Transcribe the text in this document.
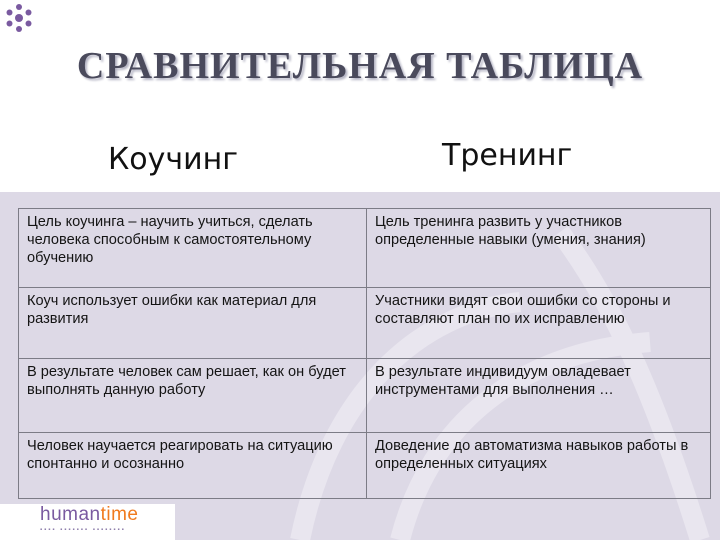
СРАВНИТЕЛЬНАЯ ТАБЛИЦА
Коучинг	Тренинг
Цель коучинга – научить учиться, сделать человека способным к самостоятельному обучению	Цель тренинга развить у участников определенные навыки (умения, знания)
Коуч использует ошибки как материал для развития	Участники видят свои ошибки со стороны и составляют план по их исправлению
В результате человек сам решает, как он будет выполнять данную работу	В результате индивидуум овладевает инструментами для выполнения …
Человек научается реагировать на ситуацию спонтанно и осознанно	Доведение до автоматизма навыков работы в определенных ситуациях
humantime
▪▪▪▪ ▪▪▪▪▪▪▪ ▪▪▪▪▪▪▪▪
